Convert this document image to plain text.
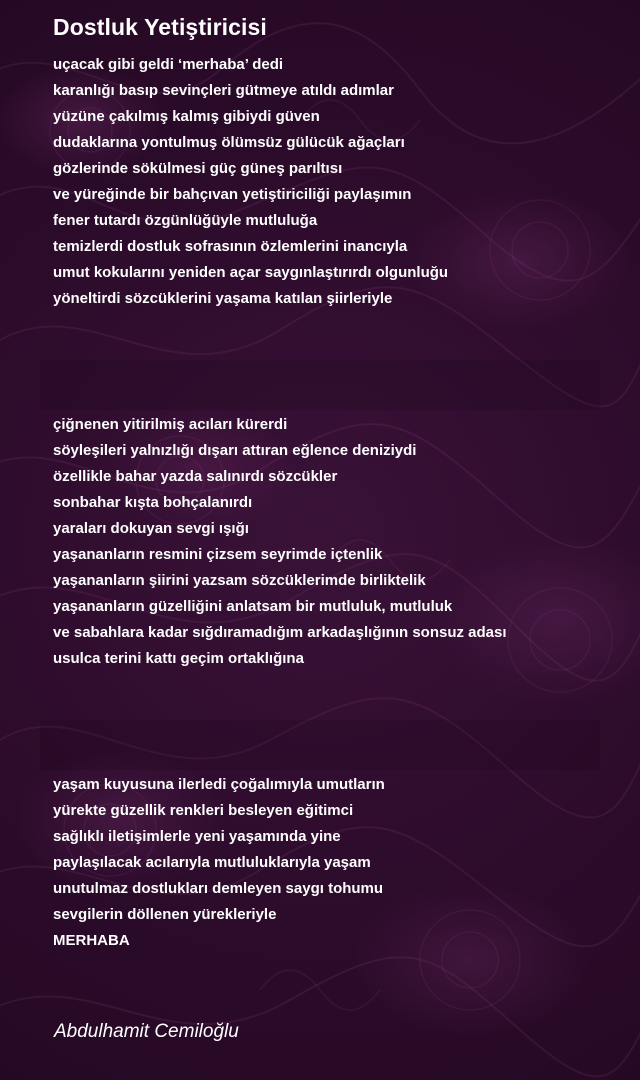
Dostluk Yetiştiricisi
uçacak gibi geldi ‘merhaba’ dedi
karanlığı basıp sevinçleri gütmeye atıldı adımlar
yüzüne çakılmış kalmış gibiydi güven
dudaklarına yontulmuş ölümsüz gülücük ağaçları
gözlerinde sökülmesi güç güneş parıltısı
ve yüreğinde bir bahçıvan yetiştiriciliği paylaşımın
fener tutardı özgünlüğüyle mutluluğa
temizlerdi dostluk sofrasının özlemlerini inancıyla
umut kokularını yeniden açar saygınlaştırırdı olgunluğu
yöneltirdi sözcüklerini yaşama katılan şiirleriyle
çiğnenen yitirilmiş acıları kürerdi
söyleşileri yalnızlığı dışarı attıran eğlence deniziydi
özellikle bahar yazda salınırdı sözcükler
sonbahar kışta bohçalanırdı
yaraları dokuyan sevgi ışığı
yaşananların resmini çizsem seyrimde içtenlik
yaşananların şiirini yazsam sözcüklerimde birliktelik
yaşananların güzelliğini anlatsam bir mutluluk, mutluluk
ve sabahlara kadar sığdıramadığım arkadaşlığının sonsuz adası
usulca terini kattı geçim ortaklığına
yaşam kuyusuna ilerledi çoğalımıyla umutların
yürekte güzellik renkleri besleyen eğitimci
sağlıklı iletişimlerle yeni yaşamında yine
paylaşılacak acılarıyla mutluluklarıyla yaşam
unutulmaz dostlukları demleyen saygı tohumu
sevgilerin döllenen yürekleriyle
MERHABA
Abdulhamit Cemiloğlu
